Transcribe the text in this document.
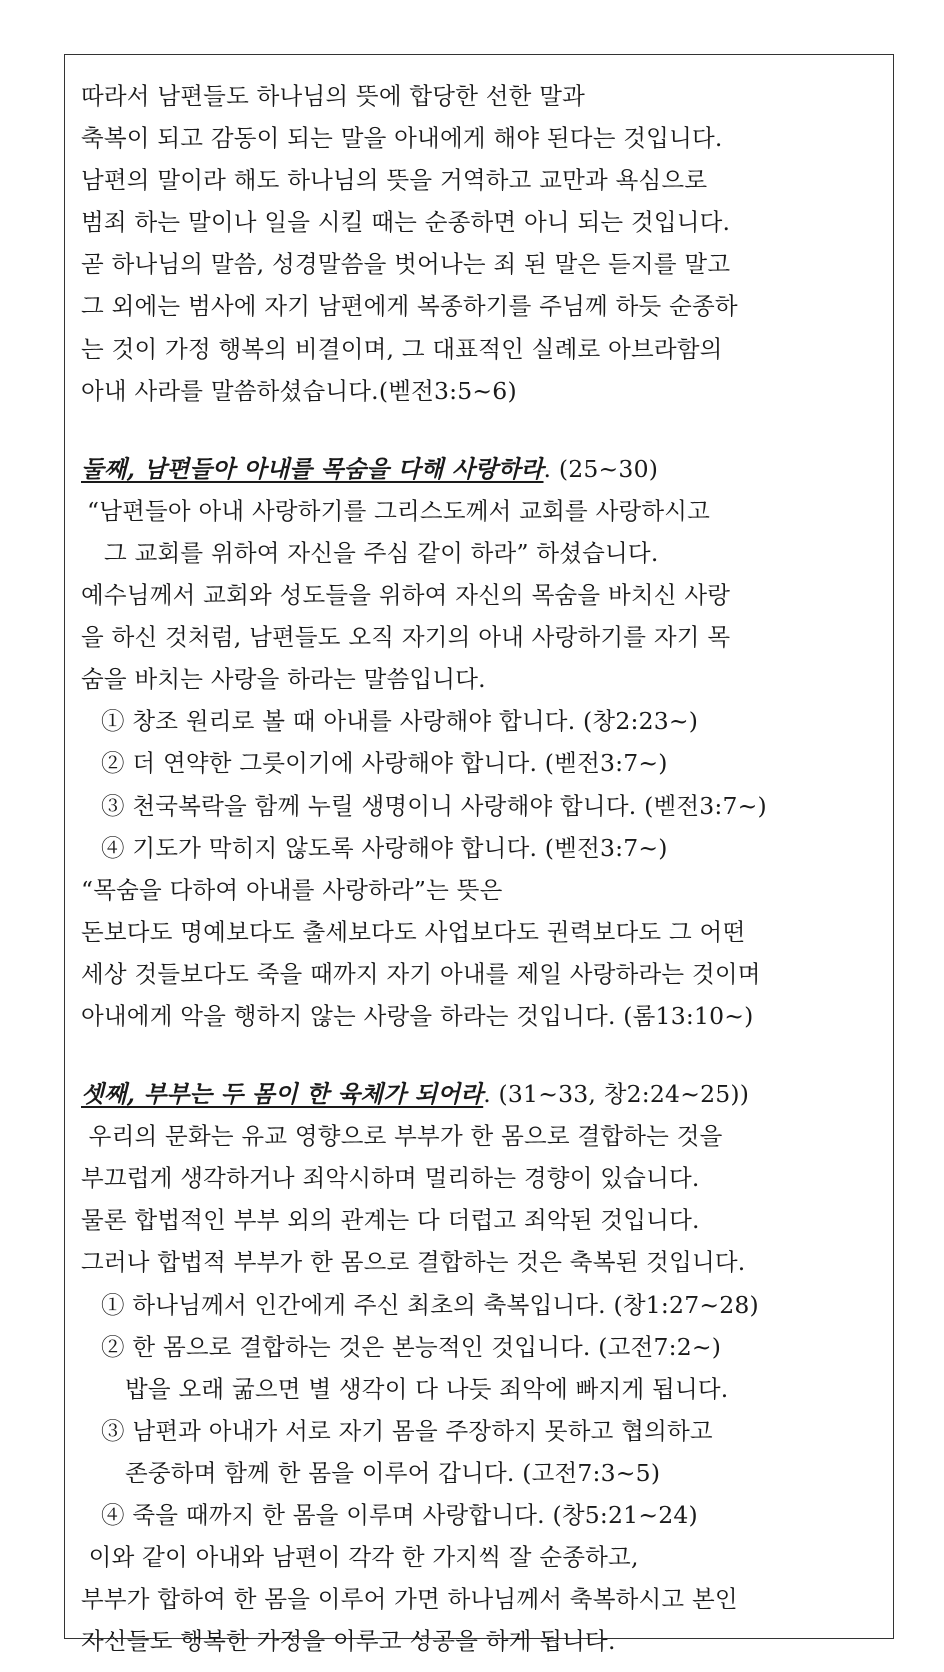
따라서 남편들도 하나님의 뜻에 합당한 선한 말과
축복이 되고 감동이 되는 말을 아내에게 해야 된다는 것입니다.
남편의 말이라 해도 하나님의 뜻을 거역하고 교만과 욕심으로
범죄 하는 말이나 일을 시킬 때는 순종하면 아니 되는 것입니다.
곧 하나님의 말씀, 성경말씀을 벗어나는 죄 된 말은 듣지를 말고
그 외에는 범사에 자기 남편에게 복종하기를 주님께 하듯 순종하
는 것이 가정 행복의 비결이며, 그 대표적인 실례로 아브라함의
아내 사라를 말씀하셨습니다.(벧전3:5~6)
둘째, 남편들아 아내를 목숨을 다해 사랑하라. (25~30)
“남편들아 아내 사랑하기를 그리스도께서 교회를 사랑하시고
그 교회를 위하여 자신을 주심 같이 하라” 하셨습니다.
예수님께서 교회와 성도들을 위하여 자신의 목숨을 바치신 사랑
을 하신 것처럼, 남편들도 오직 자기의 아내 사랑하기를 자기 목
숨을 바치는 사랑을 하라는 말씀입니다.
① 창조 원리로 볼 때 아내를 사랑해야 합니다. (창2:23~)
② 더 연약한 그릇이기에 사랑해야 합니다. (벧전3:7~)
③ 천국복락을 함께 누릴 생명이니 사랑해야 합니다. (벧전3:7~)
④ 기도가 막히지 않도록 사랑해야 합니다. (벧전3:7~)
“목숨을 다하여 아내를 사랑하라”는 뜻은
돈보다도 명예보다도 출세보다도 사업보다도 권력보다도 그 어떤
세상 것들보다도 죽을 때까지 자기 아내를 제일 사랑하라는 것이며
아내에게 악을 행하지 않는 사랑을 하라는 것입니다. (롬13:10~)
셋째, 부부는 두 몸이 한 육체가 되어라. (31~33, 창2:24~25))
우리의 문화는 유교 영향으로 부부가 한 몸으로 결합하는 것을
부끄럽게 생각하거나 죄악시하며 멀리하는 경향이 있습니다.
물론 합법적인 부부 외의 관계는 다 더럽고 죄악된 것입니다.
그러나 합법적 부부가 한 몸으로 결합하는 것은 축복된 것입니다.
① 하나님께서 인간에게 주신 최초의 축복입니다. (창1:27~28)
② 한 몸으로 결합하는 것은 본능적인 것입니다. (고전7:2~)
밥을 오래 굶으면 별 생각이 다 나듯 죄악에 빠지게 됩니다.
③ 남편과 아내가 서로 자기 몸을 주장하지 못하고 협의하고
존중하며 함께 한 몸을 이루어 갑니다. (고전7:3~5)
④ 죽을 때까지 한 몸을 이루며 사랑합니다. (창5:21~24)
이와 같이 아내와 남편이 각각 한 가지씩 잘 순종하고,
부부가 합하여 한 몸을 이루어 가면 하나님께서 축복하시고 본인
자신들도 행복한 가정을 이루고 성공을 하게 됩니다.
